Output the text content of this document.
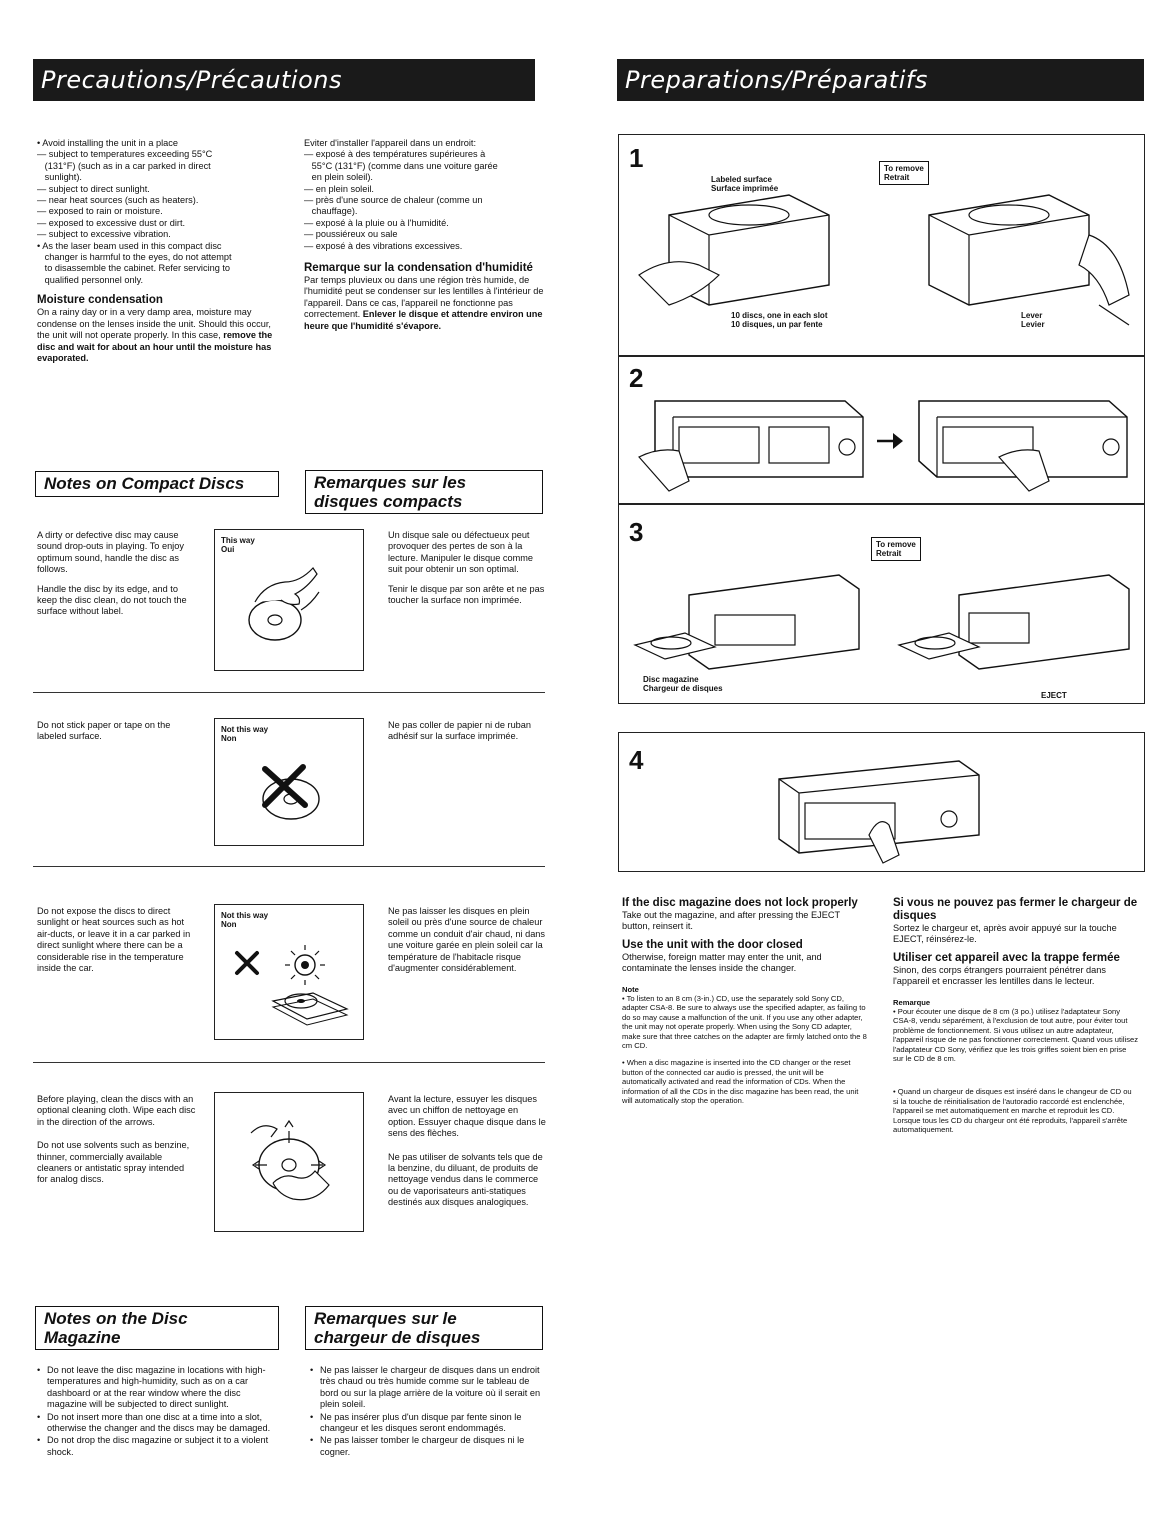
Precautions/Précautions
• Avoid installing the unit in a place
— subject to temperatures exceeding 55°C
(131°F) (such as in a car parked in direct
sunlight).
— subject to direct sunlight.
— near heat sources (such as heaters).
— exposed to rain or moisture.
— exposed to excessive dust or dirt.
— subject to excessive vibration.
• As the laser beam used in this compact disc
changer is harmful to the eyes, do not attempt
to disassemble the cabinet. Refer servicing to
qualified personnel only.

Moisture condensation

On a rainy day or in a very damp area, moisture may condense on the lenses inside the unit. Should this occur, the unit will not operate properly. In this case, remove the disc and wait for about an hour until the moisture has evaporated.

Eviter d'installer l'appareil dans un endroit:
— exposé à des températures supérieures à
55°C (131°F) (comme dans une voiture garée
en plein soleil).
— en plein soleil.
— près d'une source de chaleur (comme un
chauffage).
— exposé à la pluie ou à l'humidité.
— poussiéreux ou sale
— exposé à des vibrations excessives.

Remarque sur la condensation d'humidité

Par temps pluvieux ou dans une région très humide, de l'humidité peut se condenser sur les lentilles à l'intérieur de l'appareil. Dans ce cas, l'appareil ne fonctionne pas correctement. Enlever le disque et attendre environ une heure que l'humidité s'évapore.

Notes on Compact Discs	Remarques sur les disques compacts

A dirty or defective disc may cause sound drop-outs in playing. To enjoy optimum sound, handle the disc as follows.

Handle the disc by its edge, and to keep the disc clean, do not touch the surface without label.

This way
Oui

Un disque sale ou défectueux peut provoquer des pertes de son à la lecture. Manipuler le disque comme suit pour obtenir un son optimal.

Tenir le disque par son arête et ne pas toucher la surface non imprimée.

Do not stick paper or tape on the labeled surface.

Not this way
Non

Ne pas coller de papier ni de ruban adhésif sur la surface imprimée.

Do not expose the discs to direct sunlight or heat sources such as hot air-ducts, or leave it in a car parked in direct sunlight where there can be a considerable rise in the temperature inside the car.

Not this way
Non

Ne pas laisser les disques en plein soleil ou près d'une source de chaleur comme un conduit d'air chaud, ni dans une voiture garée en plein soleil car la température de l'habitacle risque d'augmenter considérablement.

Before playing, clean the discs with an optional cleaning cloth. Wipe each disc in the direction of the arrows.

Do not use solvents such as benzine, thinner, commercially available cleaners or antistatic spray intended for analog discs.

Avant la lecture, essuyer les disques avec un chiffon de nettoyage en option. Essuyer chaque disque dans le sens des flèches.

Ne pas utiliser de solvants tels que de la benzine, du diluant, de produits de nettoyage vendus dans le commerce ou de vaporisateurs anti-statiques destinés aux disques analogiques.

Notes on the Disc
Magazine
Remarques sur le
chargeur de disques
• Do not leave the disc magazine in locations with high-temperatures and high-humidity, such as on a car dashboard or at the rear window where the disc magazine will be subjected to direct sunlight.
• Do not insert more than one disc at a time into a slot, otherwise the changer and the discs may be damaged.
• Do not drop the disc magazine or subject it to a violent shock.
• Ne pas laisser le chargeur de disques dans un endroit très chaud ou très humide comme sur le tableau de bord ou sur la plage arrière de la voiture où il serait en plein soleil.
• Ne pas insérer plus d'un disque par fente sinon le changeur et les disques seront endommagés.
• Ne pas laisser tomber le chargeur de disques ni le cogner.
Preparations/Préparatifs
1
Labeled surface
Surface imprimée
To remove
Retrait
10 discs, one in each slot
10 disques, un par fente
Lever
Levier
2
3	To remove
Retrait
Disc magazine
Chargeur de disques
EJECT
4

If the disc magazine does not lock properly

Take out the magazine, and after pressing the EJECT button, reinsert it.

Use the unit with the door closed

Otherwise, foreign matter may enter the unit, and contaminate the lenses inside the changer.

Note

• To listen to an 8 cm (3-in.) CD, use the separately sold Sony CD, adapter CSA-8. Be sure to always use the specified adapter, as failing to do so may cause a malfunction of the unit. If you use any other adapter, the unit may not operate properly. When using the Sony CD adapter, make sure that three catches on the adapter are firmly latched onto the 8 cm CD.

• When a disc magazine is inserted into the CD changer or the reset button of the connected car audio is pressed, the unit will be automatically activated and read the information of CDs. When the information of all the CDs in the disc magazine has been read, the unit will automatically stop the operation.

Si vous ne pouvez pas fermer le chargeur de disques

Sortez le chargeur et, après avoir appuyé sur la touche EJECT, réinsérez-le.

Utiliser cet appareil avec la trappe fermée

Sinon, des corps étrangers pourraient pénétrer dans l'appareil et encrasser les lentilles dans le lecteur.

Remarque

• Pour écouter une disque de 8 cm (3 po.) utilisez l'adaptateur Sony CSA-8, vendu séparément, à l'exclusion de tout autre, pour éviter tout problème de fonctionnement. Si vous utilisez un autre adaptateur, l'appareil risque de ne pas fonctionner correctement. Quand vous utilisez l'adaptateur CD Sony, vérifiez que les trois griffes soient bien en prise sur le CD de 8 cm.

• Quand un chargeur de disques est inséré dans le changeur de CD ou si la touche de réinitialisation de l'autoradio raccordé est enclenchée, l'appareil se met automatiquement en marche et reproduit les CD. Lorsque tous les CD du chargeur ont été reproduits, l'appareil s'arrête automatiquement.
